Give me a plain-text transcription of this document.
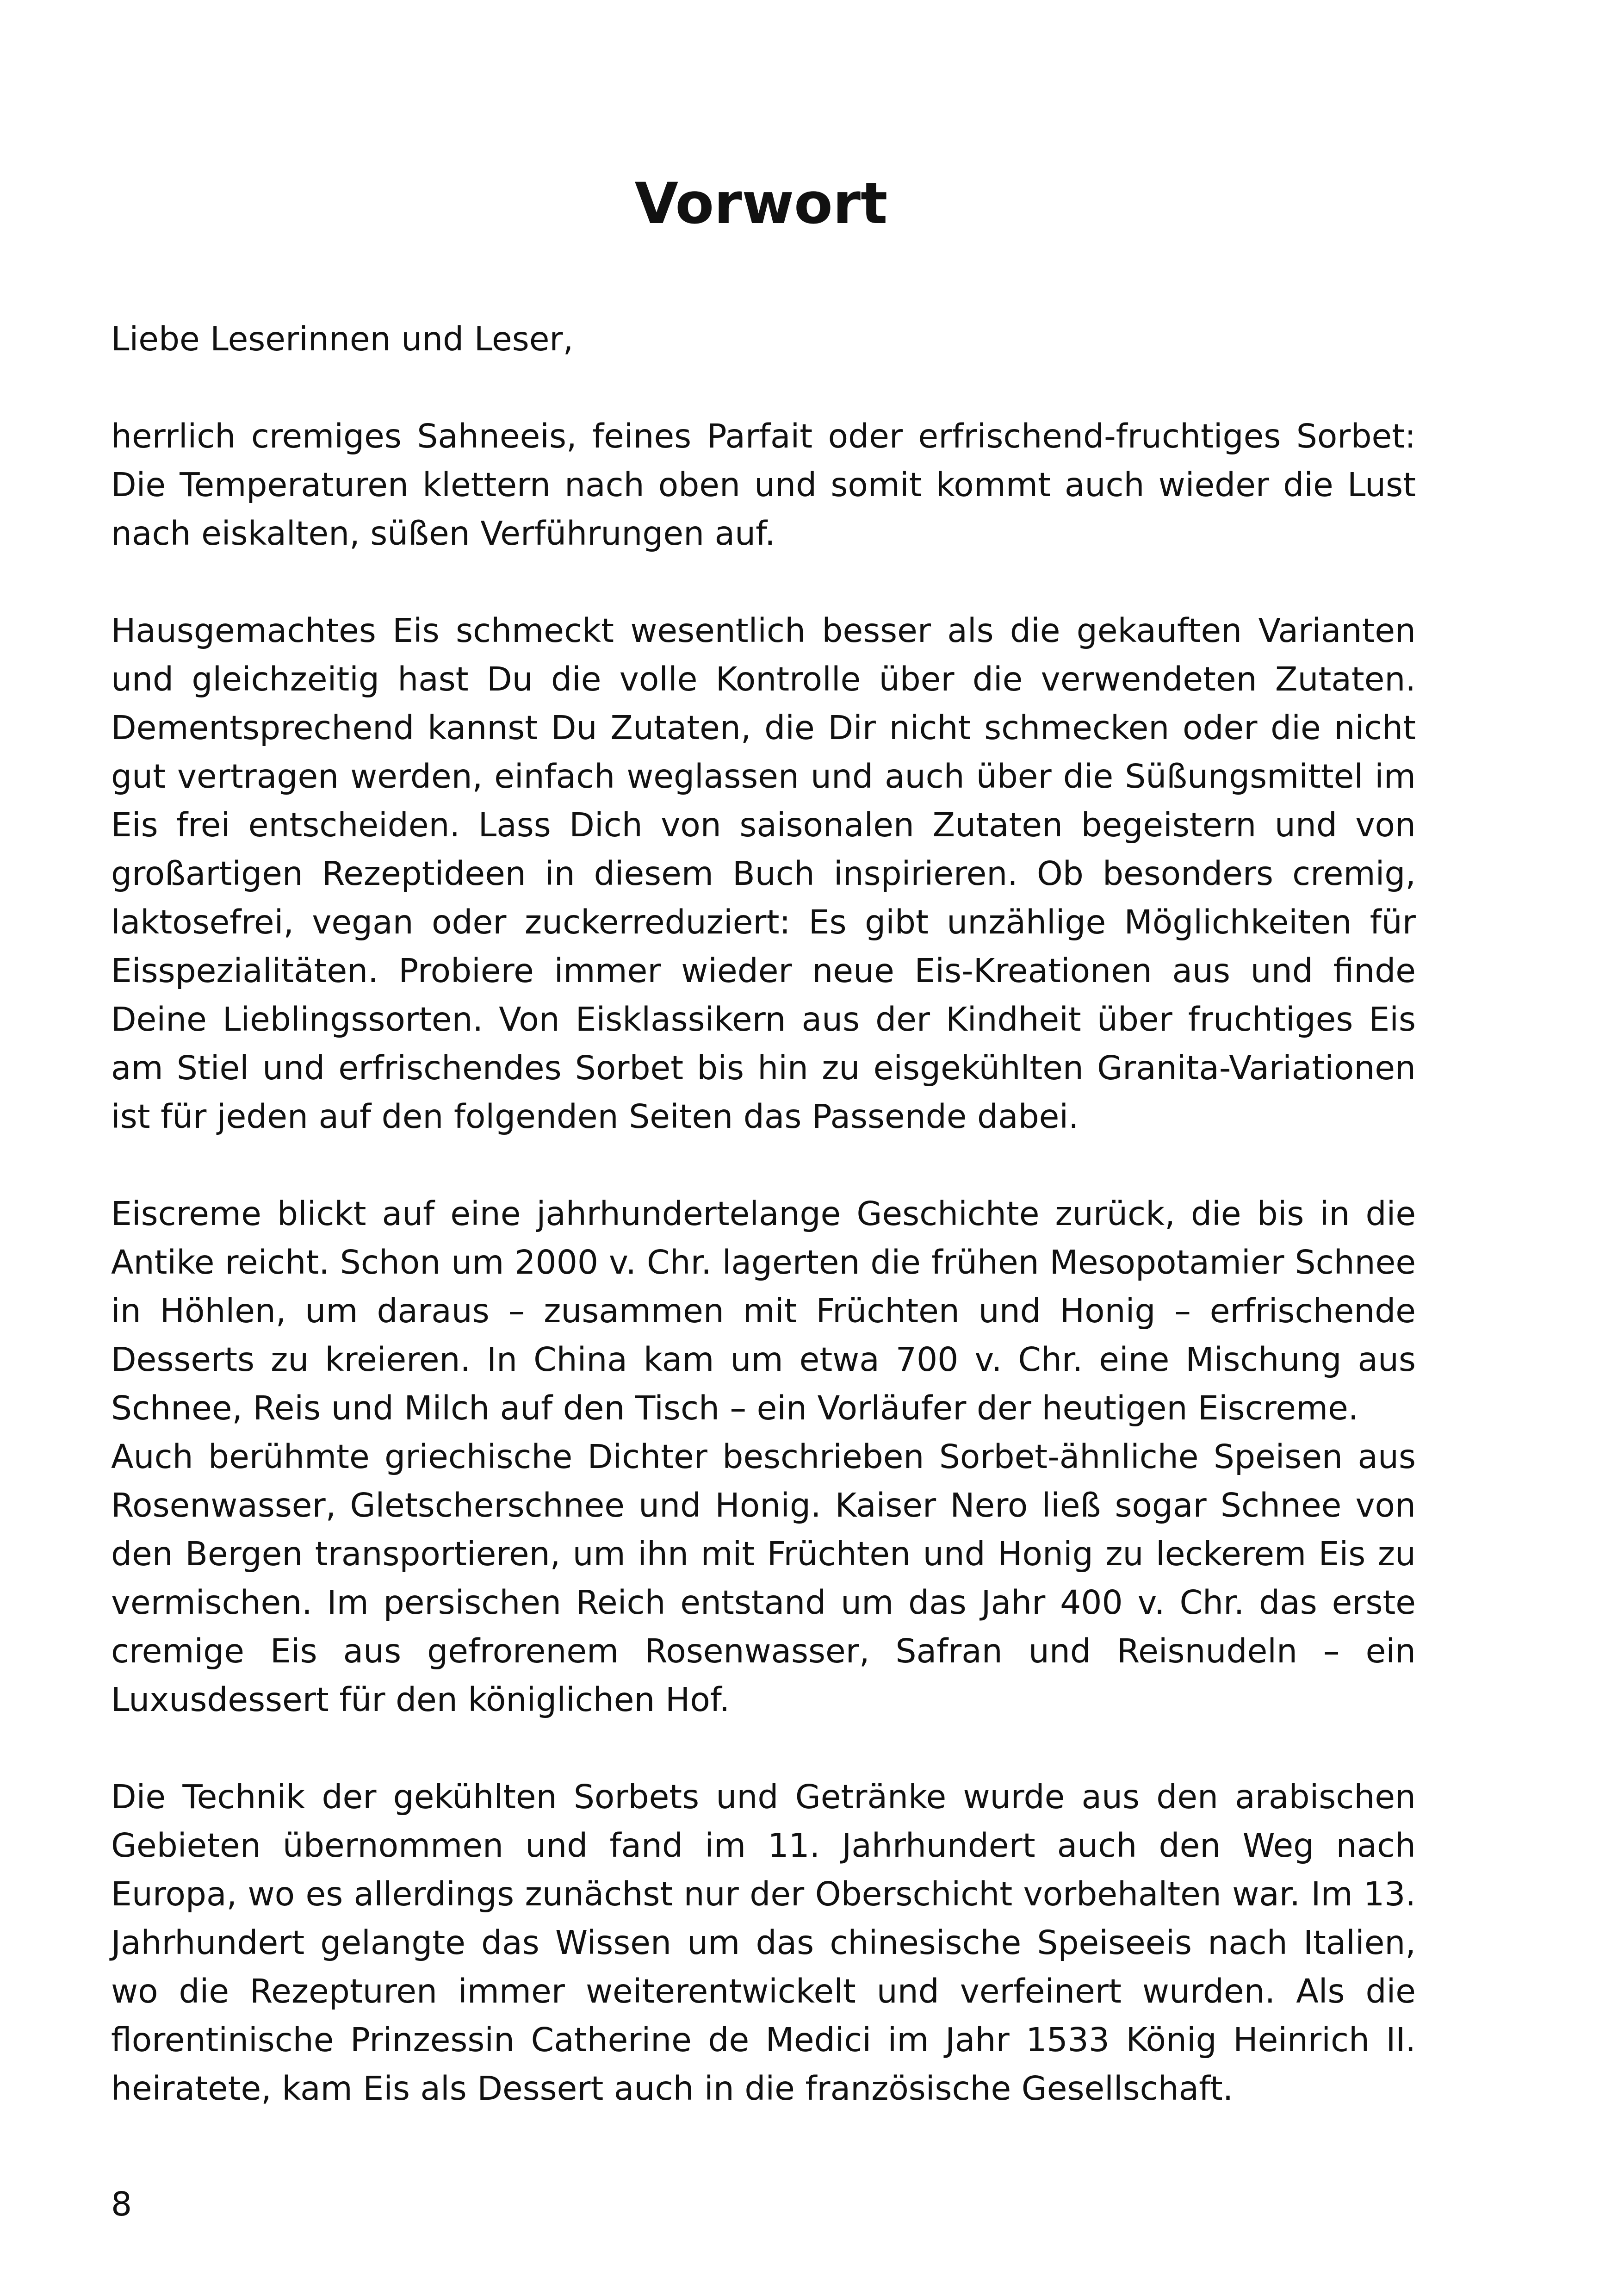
Vorwort

Liebe Leserinnen und Leser,

herrlich cremiges Sahneeis, feines Parfait oder erfrischend-fruchtiges Sorbet: Die Temperaturen klettern nach oben und somit kommt auch wieder die Lust nach eiskalten, süßen Verführungen auf.

Hausgemachtes Eis schmeckt wesentlich besser als die gekauften Varianten und gleichzeitig hast Du die volle Kontrolle über die verwendeten Zutaten. Dementsprechend kannst Du Zutaten, die Dir nicht schmecken oder die nicht gut vertragen werden, einfach weglassen und auch über die Süßungsmittel im Eis frei entscheiden. Lass Dich von saisonalen Zutaten begeistern und von großartigen Rezeptideen in diesem Buch inspirieren. Ob besonders cremig, laktosefrei, vegan oder zuckerreduziert: Es gibt unzählige Möglichkeiten für Eisspezialitäten. Probiere immer wieder neue Eis-Kreationen aus und finde Deine Lieblingssorten. Von Eisklassikern aus der Kindheit über fruchtiges Eis am Stiel und erfrischendes Sorbet bis hin zu eisgekühlten Granita-Variationen ist für jeden auf den folgenden Seiten das Passende dabei.

Eiscreme blickt auf eine jahrhundertelange Geschichte zurück, die bis in die Antike reicht. Schon um 2000 v. Chr. lagerten die frühen Mesopotamier Schnee in Höhlen, um daraus – zusammen mit Früchten und Honig – erfrischende Desserts zu kreieren. In China kam um etwa 700 v. Chr. eine Mischung aus Schnee, Reis und Milch auf den Tisch – ein Vorläufer der heutigen Eiscreme.

Auch berühmte griechische Dichter beschrieben Sorbet-ähnliche Speisen aus Rosenwasser, Gletscherschnee und Honig. Kaiser Nero ließ sogar Schnee von den Bergen transportieren, um ihn mit Früchten und Honig zu leckerem Eis zu vermischen. Im persischen Reich entstand um das Jahr 400 v. Chr. das erste cremige Eis aus gefrorenem Rosenwasser, Safran und Reisnudeln – ein Luxusdessert für den königlichen Hof.

Die Technik der gekühlten Sorbets und Getränke wurde aus den arabischen Gebieten übernommen und fand im 11. Jahrhundert auch den Weg nach Europa, wo es allerdings zunächst nur der Oberschicht vorbehalten war. Im 13. Jahrhundert gelangte das Wissen um das chinesische Speiseeis nach Italien, wo die Rezepturen immer weiterentwickelt und verfeinert wurden. Als die florentinische Prinzessin Catherine de Medici im Jahr 1533 König Heinrich II. heiratete, kam Eis als Dessert auch in die französische Gesellschaft.

8
